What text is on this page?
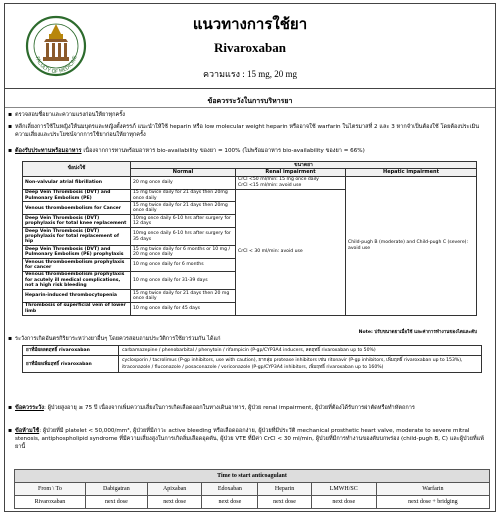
FACULTY OF MEDICINE
แนวทางการใช้ยา
Rivaroxaban
ความแรง : 15 mg, 20 mg
ข้อควรระวังในการบริหารยา
▪ ตรวจสอบชื่อยาและความแรงก่อนให้ยาทุกครั้ง
▪ หลีกเลี่ยงการใช้ในหญิงให้นมบุตรและหญิงตั้งครรภ์ แนะนำให้ใช้ heparin หรือ low molecular weight heparin หรืออาจใช้ warfarin ในไตรมาสที่ 2 และ 3 หากจำเป็นต้องใช้ โดยต้องประเมินความเสี่ยงและประโยชน์จากการใช้ยาก่อนให้ยาทุกครั้ง
▪ ต้องรับประทานพร้อมอาหาร เนื่องจากการทานพร้อมอาหาร bio-availability ของยา = 100% (ไม่พร้อมอาหาร bio-availability ของยา = 66%)
ข้อบ่งใช้	ขนาดยา		
	Normal	Renal impairment	Hepatic impairment
Non-valvular atrial fibrillation	20 mg once daily	CrCl <50 ml/min: 15 mg once daily
CrCl <15 ml/min: avoid use	Child-pugh B (moderate) and Child-pugh C (severe): avoid use
Deep Vein Thrombosis (DVT) and Pulmonary Embolism (PE)	15 mg twice daily for 21 days then 20mg once daily	CrCl < 30 ml/min: avoid use	
Venous thromboembolism for Cancer	15 mg twice daily for 21 days then 20mg once daily		
Deep Vein Thrombosis (DVT) prophylaxis for total knee replacement	10mg once daily 6-10 hrs after surgery for 12 days		
Deep Vein Thrombosis (DVT) prophylaxis for total replacement of hip	10mg once daily 6-10 hrs after surgery for 35 days		
Deep Vein Thrombosis (DVT) and Pulmonary Embolism (PE) prophylaxis	15 mg twice daily for 6 months or 10 mg / 20 mg once daily		
Venous thromboembolism prophylaxis for cancer	10 mg once daily for 6 months		
Venous thromboembolism prophylaxis for acutely ill medical complications, not a high risk bleeding	10 mg once daily for 31-39 days		
Heparin-induced thrombocytopenia	15 mg twice daily for 21 days then 20 mg once daily		
Thrombosis of superficial vein of lower limb	10 mg once daily for 45 days		
Note: ปรับขนาดยาเมื่อใช้ และค่าการทำงานของไตและตับ
▪ ระวังการเกิดอันตรกิริยาระหว่างยาอื่นๆ โดยควรสอบถามประวัติการใช้ยาร่วมกัน ได้แก่
ยาที่มีผลลดฤทธิ์ rivaroxaban	carbamazepine / phenobarbital / phenytoin / rifampicin (P-gp/CYP3A4 inducers, ลดฤทธิ์ rivaroxaban up to 50%)
ยาที่มีผลเพิ่มฤทธิ์ rivaroxaban	cyclosporin / tacrolimus (P-gp inhibitors, use with caution), ยากลุ่ม protease inhibitors เช่น ritonavir (P-gp inhibitors, เพิ่มฤทธิ์ rivaroxaban up to 153%), itraconazole / fluconazole / posaconazole / voriconazole (P-gp/CYP3A4 inhibitors, เพิ่มฤทธิ์ rivaroxaban up to 160%)
▪ ข้อควรระวัง: ผู้ป่วยสูงอายุ ≥ 75 ปี เนื่องจากเพิ่มความเสี่ยงในการเกิดเลือดออกในทางเดินอาหาร, ผู้ป่วย renal impairment, ผู้ป่วยที่ต้องได้รับการผ่าตัดหรือทำหัตถการ
▪ ข้อห้ามใช้: ผู้ป่วยที่มี platelet < 50,000/mm³, ผู้ป่วยที่มีภาวะ active bleeding หรือเลือดออกง่าย, ผู้ป่วยที่มีประวัติ mechanical prosthetic heart valve, moderate to severe mitral stenosis, antiphospholipid syndrome ที่มีความเสี่ยงสูงในการเกิดลิ่มเลือดอุดตัน, ผู้ป่วย VTE ที่มีค่า CrCl < 30 ml/min, ผู้ป่วยที่มีการทำงานของตับบกพร่อง (child-pugh B, C) และผู้ป่วยที่แพ้ยานี้
Time to start anticoagulant						
From \ To	Dabigatran	Apixaban	Edoxaban	Heparin	LMWH/SC	Warfarin
Rivaroxaban	next dose	next dose	next dose	next dose	next dose	next dose + bridging
